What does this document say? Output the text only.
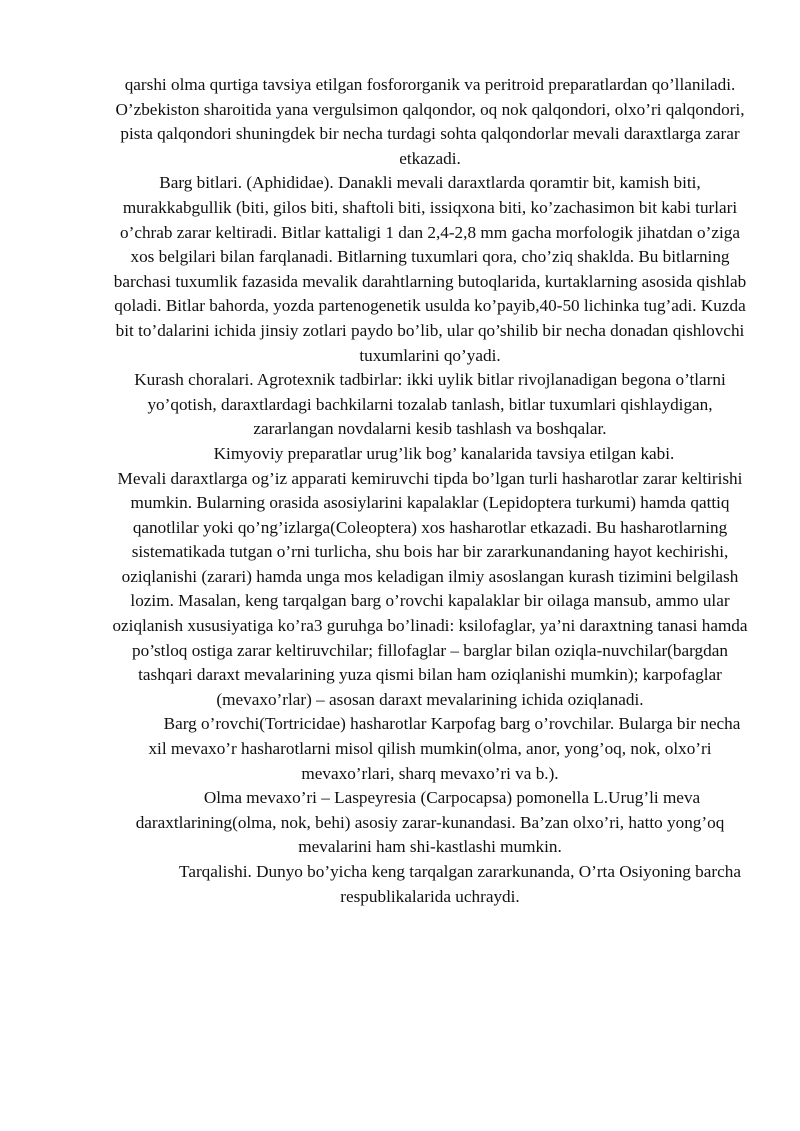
qarshi olma qurtiga tavsiya etilgan fosfororganik va peritroid preparatlardan qo’llaniladi.

O’zbekiston sharoitida yana vergulsimon qalqondor, oq nok qalqondori, olxo’ri qalqondori, pista qalqondori shuningdek bir necha turdagi sohta qalqondorlar mevali daraxtlarga zarar etkazadi.

Barg bitlari. (Aphididae). Danakli mevali daraxtlarda qoramtir bit, kamish biti, murakkabgullik (biti, gilos biti, shaftoli biti, issiqxona biti, ko’zachasimon bit kabi turlari o’chrab zarar keltiradi. Bitlar kattaligi 1 dan 2,4-2,8 mm gacha morfologik jihatdan o’ziga xos belgilari bilan farqlanadi. Bitlarning tuxumlari qora, cho’ziq shaklda. Bu bitlarning barchasi tuxumlik fazasida mevalik darahtlarning butoqlarida, kurtaklarning asosida qishlab qoladi. Bitlar bahorda, yozda partenogenetik usulda ko’payib,40-50 lichinka tug’adi. Kuzda bit to’dalarini ichida jinsiy zotlari paydo bo’lib, ular qo’shilib bir necha donadan qishlovchi tuxumlarini qo’yadi.

Kurash choralari. Agrotexnik tadbirlar: ikki uylik bitlar rivojlanadigan begona o’tlarni yo’qotish, daraxtlardagi bachkilarni tozalab tanlash, bitlar tuxumlari qishlaydigan, zararlangan novdalarni kesib tashlash va boshqalar.

Kimyoviy preparatlar urug’lik bog’ kanalarida tavsiya etilgan kabi.

Mevali daraxtlarga og’iz apparati kemiruvchi tipda bo’lgan turli hasharotlar zarar keltirishi mumkin. Bularning orasida asosiylarini kapalaklar (Lepidoptera turkumi) hamda qattiq qanotlilar yoki qo’ng’izlarga(Coleoptera) xos hasharotlar etkazadi. Bu hasharotlarning sistematikada tutgan o’rni turlicha, shu bois har bir zararkunandaning hayot kechirishi, oziqlanishi (zarari) hamda unga mos keladigan ilmiy asoslangan kurash tizimini belgilash lozim. Masalan, keng tarqalgan barg o’rovchi kapalaklar bir oilaga mansub, ammo ular oziqlanish xususiyatiga ko’ra3 guruhga bo’linadi: ksilofaglar, ya’ni daraxtning tanasi hamda po’stloq ostiga zarar keltiruvchilar; fillofaglar – barglar bilan oziqla-nuvchilar(bargdan tashqari daraxt mevalarining yuza qismi bilan ham oziqlanishi mumkin); karpofaglar (mevaxo’rlar) – asosan daraxt mevalarining ichida oziqlanadi.

Barg o’rovchi(Tortricidae) hasharotlar Karpofag barg o’rovchilar. Bularga bir necha xil mevaxo’r hasharotlarni misol qilish mumkin(olma, anor, yong’oq, nok, olxo’ri mevaxo’rlari, sharq mevaxo’ri va b.).

Olma mevaxo’ri – Laspeyresia (Carpocapsa) pomonella L.Urug’li meva daraxtlarining(olma, nok, behi) asosiy zarar-kunandasi. Ba’zan olxo’ri, hatto yong’oq mevalarini ham shi-kastlashi mumkin.

Tarqalishi. Dunyo bo’yicha keng tarqalgan zararkunanda, O’rta Osiyoning barcha respublikalarida uchraydi.
